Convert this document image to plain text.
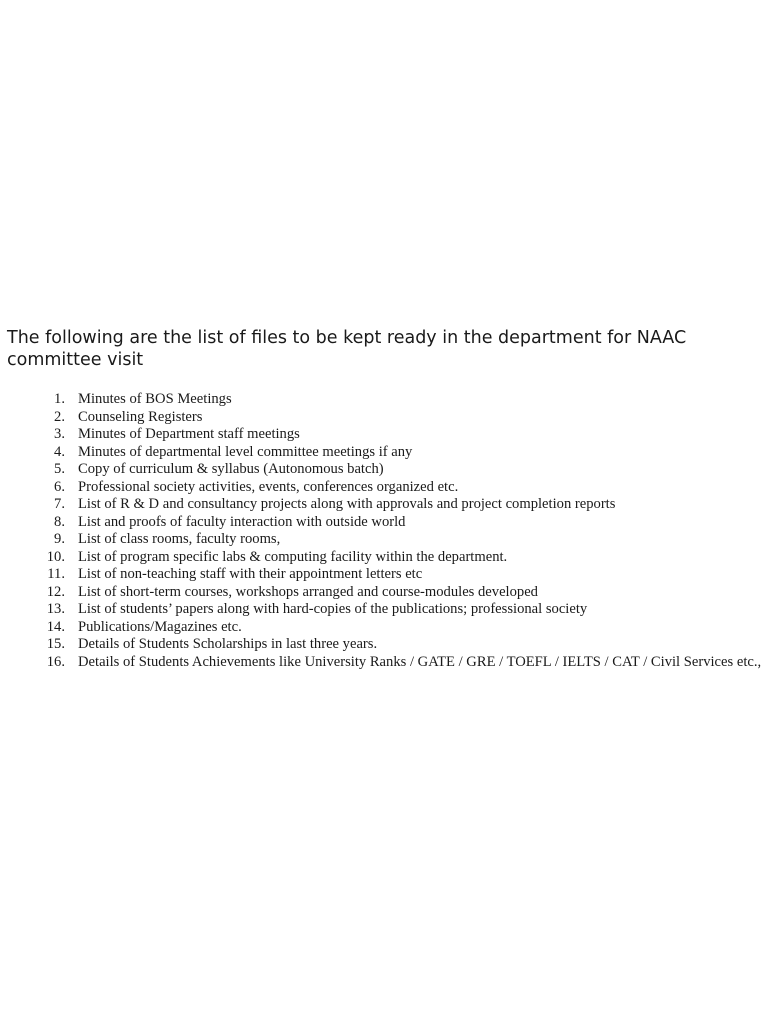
The following are the list of files to be kept ready in the department for NAAC
committee visit

1. Minutes of BOS Meetings
2. Counseling Registers
3. Minutes of Department staff meetings
4. Minutes of departmental level committee meetings if any
5. Copy of curriculum & syllabus (Autonomous batch)
6. Professional society activities, events, conferences organized etc.
7. List of R & D and consultancy projects along with approvals and project completion reports
8. List and proofs of faculty interaction with outside world
9. List of class rooms, faculty rooms,
10. List of program specific labs & computing facility within the department.
11. List of non-teaching staff with their appointment letters etc
12. List of short-term courses, workshops arranged and course-modules developed
13. List of students’ papers along with hard-copies of the publications; professional society
14. Publications/Magazines etc.
15. Details of Students Scholarships in last three years.
16. Details of Students Achievements like University Ranks / GATE / GRE / TOEFL / IELTS / CAT / Civil Services etc.,
